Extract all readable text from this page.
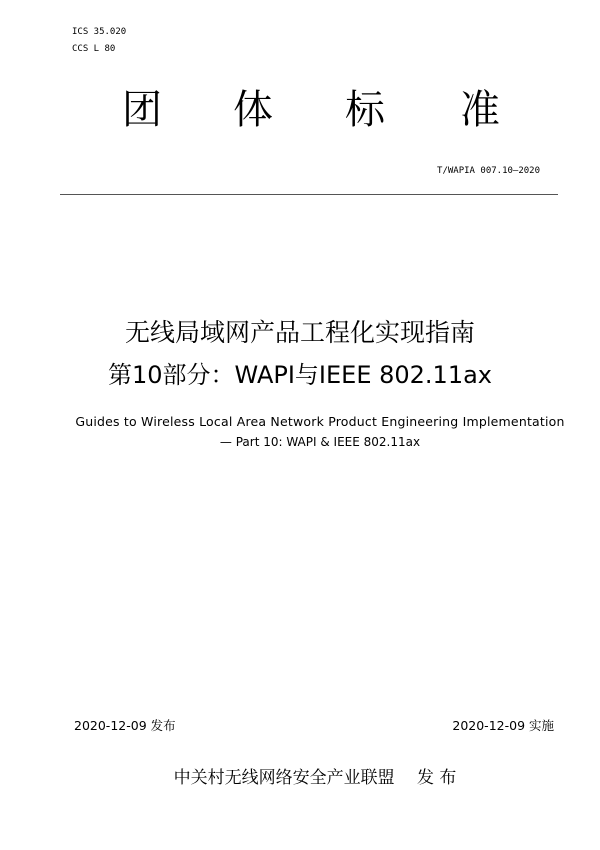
ICS 35.020
CCS L 80
团 体 标 准
T/WAPIA 007.10—2020
无线局域网产品工程化实现指南
第10部分：WAPI与IEEE 802.11ax
Guides to Wireless Local Area Network Product Engineering Implementation
— Part 10: WAPI & IEEE 802.11ax
2020-12-09 发布	2020-12-09 实施
中关村无线网络安全产业联盟　 发 布
